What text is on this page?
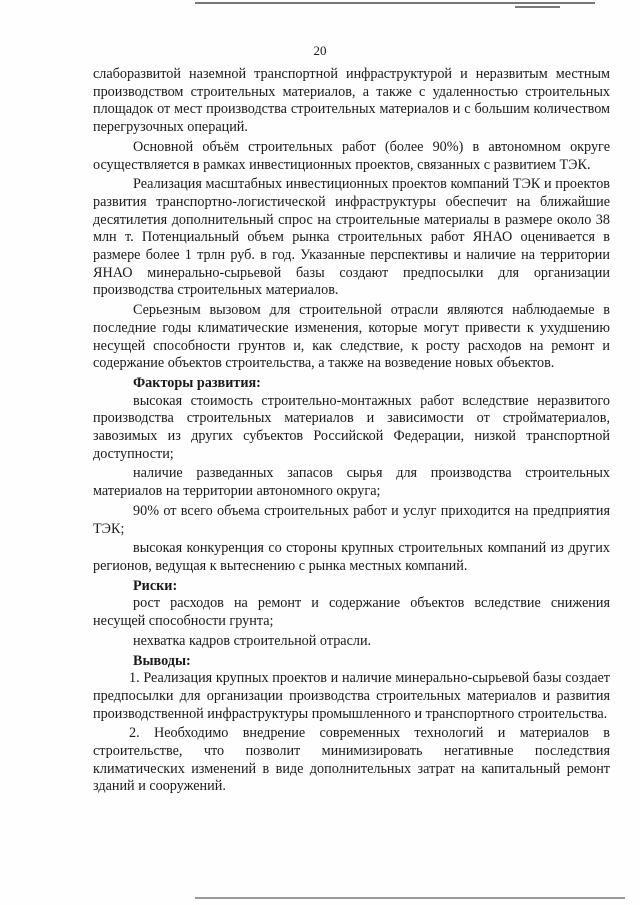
20

слаборазвитой наземной транспортной инфраструктурой и неразвитым местным производством строительных материалов, а также с удаленностью строительных площадок от мест производства строительных материалов и с большим количеством перегрузочных операций.

Основной объём строительных работ (более 90%) в автономном округе осуществляется в рамках инвестиционных проектов, связанных с развитием ТЭК.

Реализация масштабных инвестиционных проектов компаний ТЭК и проектов развития транспортно-логистической инфраструктуры обеспечит на ближайшие десятилетия дополнительный спрос на строительные материалы в размере около 38 млн т. Потенциальный объем рынка строительных работ ЯНАО оценивается в размере более 1 трлн руб. в год. Указанные перспективы и наличие на территории ЯНАО минерально-сырьевой базы создают предпосылки для организации производства строительных материалов.

Серьезным вызовом для строительной отрасли являются наблюдаемые в последние годы климатические изменения, которые могут привести к ухудшению несущей способности грунтов и, как следствие, к росту расходов на ремонт и содержание объектов строительства, а также на возведение новых объектов.

Факторы развития:

высокая стоимость строительно-монтажных работ вследствие неразвитого производства строительных материалов и зависимости от стройматериалов, завозимых из других субъектов Российской Федерации, низкой транспортной доступности;

наличие разведанных запасов сырья для производства строительных материалов на территории автономного округа;

90% от всего объема строительных работ и услуг приходится на предприятия ТЭК;

высокая конкуренция со стороны крупных строительных компаний из других регионов, ведущая к вытеснению с рынка местных компаний.

Риски:

рост расходов на ремонт и содержание объектов вследствие снижения несущей способности грунта;

нехватка кадров строительной отрасли.

Выводы:

1. Реализация крупных проектов и наличие минерально-сырьевой базы создает предпосылки для организации производства строительных материалов и развития производственной инфраструктуры промышленного и транспортного строительства.

2. Необходимо внедрение современных технологий и материалов в строительстве, что позволит минимизировать негативные последствия климатических изменений в виде дополнительных затрат на капитальный ремонт зданий и сооружений.
